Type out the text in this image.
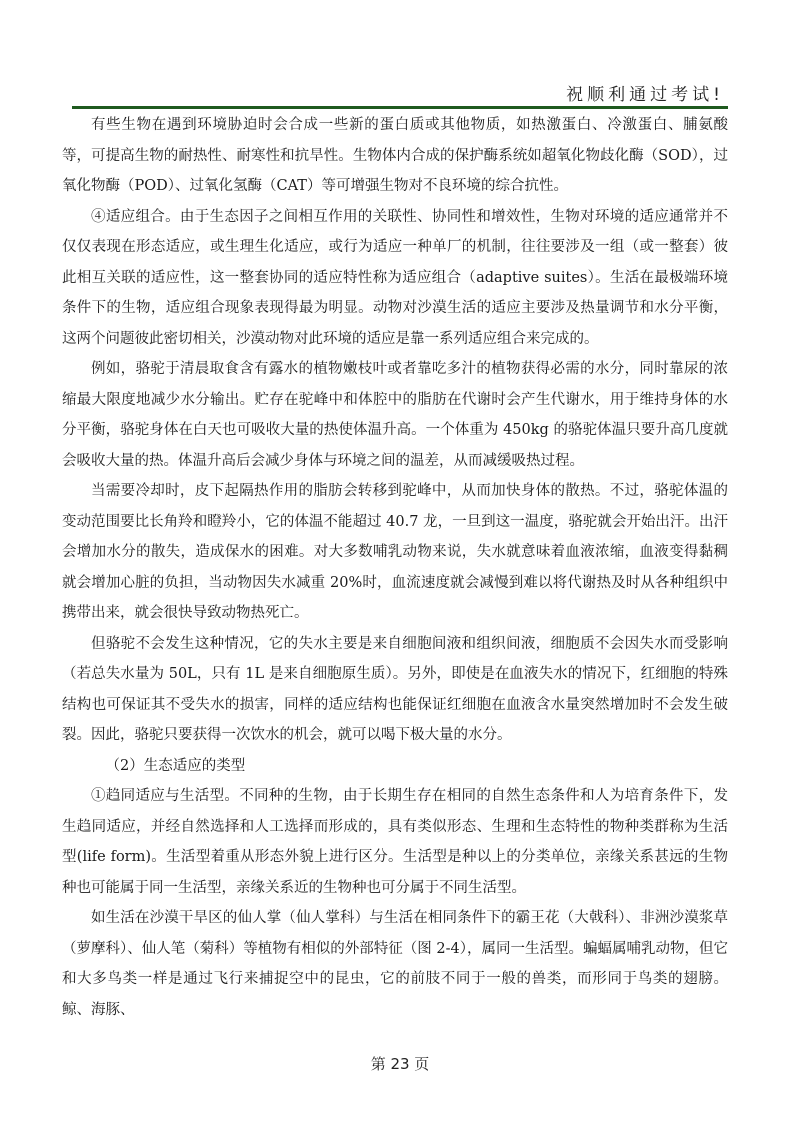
祝顺利通过考试!

有些生物在遇到环境胁迫时会合成一些新的蛋白质或其他物质，如热激蛋白、冷激蛋白、脯氨酸等，可提高生物的耐热性、耐寒性和抗旱性。生物体内合成的保护酶系统如超氧化物歧化酶（SOD），过氧化物酶（POD）、过氧化氢酶（CAT）等可增强生物对不良环境的综合抗性。

④适应组合。由于生态因子之间相互作用的关联性、协同性和增效性，生物对环境的适应通常并不仅仅表现在形态适应，或生理生化适应，或行为适应一种单厂的机制，往往要涉及一组（或一整套）彼此相互关联的适应性，这一整套协同的适应特性称为适应组合（adaptive suites）。生活在最极端环境条件下的生物，适应组合现象表现得最为明显。动物对沙漠生活的适应主要涉及热量调节和水分平衡，这两个问题彼此密切相关，沙漠动物对此环境的适应是靠一系列适应组合来完成的。

例如，骆驼于清晨取食含有露水的植物嫩枝叶或者靠吃多汁的植物获得必需的水分，同时靠尿的浓缩最大限度地减少水分输出。贮存在驼峰中和体腔中的脂肪在代谢时会产生代谢水，用于维持身体的水分平衡，骆驼身体在白天也可吸收大量的热使体温升高。一个体重为 450kg 的骆驼体温只要升高几度就会吸收大量的热。体温升高后会减少身体与环境之间的温差，从而减缓吸热过程。

当需要冷却时，皮下起隔热作用的脂肪会转移到驼峰中，从而加快身体的散热。不过，骆驼体温的变动范围要比长角羚和瞪羚小，它的体温不能超过 40.7 龙，一旦到这一温度，骆驼就会开始出汗。出汗会增加水分的散失，造成保水的困难。对大多数哺乳动物来说，失水就意味着血液浓缩，血液变得黏稠就会增加心脏的负担，当动物因失水减重 20%时，血流速度就会减慢到难以将代谢热及时从各种组织中携带出来，就会很快导致动物热死亡。

但骆驼不会发生这种情况，它的失水主要是来自细胞间液和组织间液，细胞质不会因失水而受影响（若总失水量为 50L，只有 1L 是来自细胞原生质）。另外，即使是在血液失水的情况下，红细胞的特殊结构也可保证其不受失水的损害，同样的适应结构也能保证红细胞在血液含水量突然增加时不会发生破裂。因此，骆驼只要获得一次饮水的机会，就可以喝下极大量的水分。

（2）生态适应的类型

①趋同适应与生活型。不同种的生物，由于长期生存在相同的自然生态条件和人为培育条件下，发生趋同适应，并经自然选择和人工选择而形成的，具有类似形态、生理和生态特性的物种类群称为生活型(life form)。生活型着重从形态外貌上进行区分。生活型是种以上的分类单位，亲缘关系甚远的生物种也可能属于同一生活型，亲缘关系近的生物种也可分属于不同生活型。

如生活在沙漠干旱区的仙人掌（仙人掌科）与生活在相同条件下的霸王花（大戟科）、非洲沙漠浆草（萝摩科）、仙人笔（菊科）等植物有相似的外部特征（图 2-4），属同一生活型。蝙蝠属哺乳动物，但它和大多鸟类一样是通过飞行来捕捉空中的昆虫，它的前肢不同于一般的兽类，而形同于鸟类的翅膀。鲸、海豚、

第 23 页
